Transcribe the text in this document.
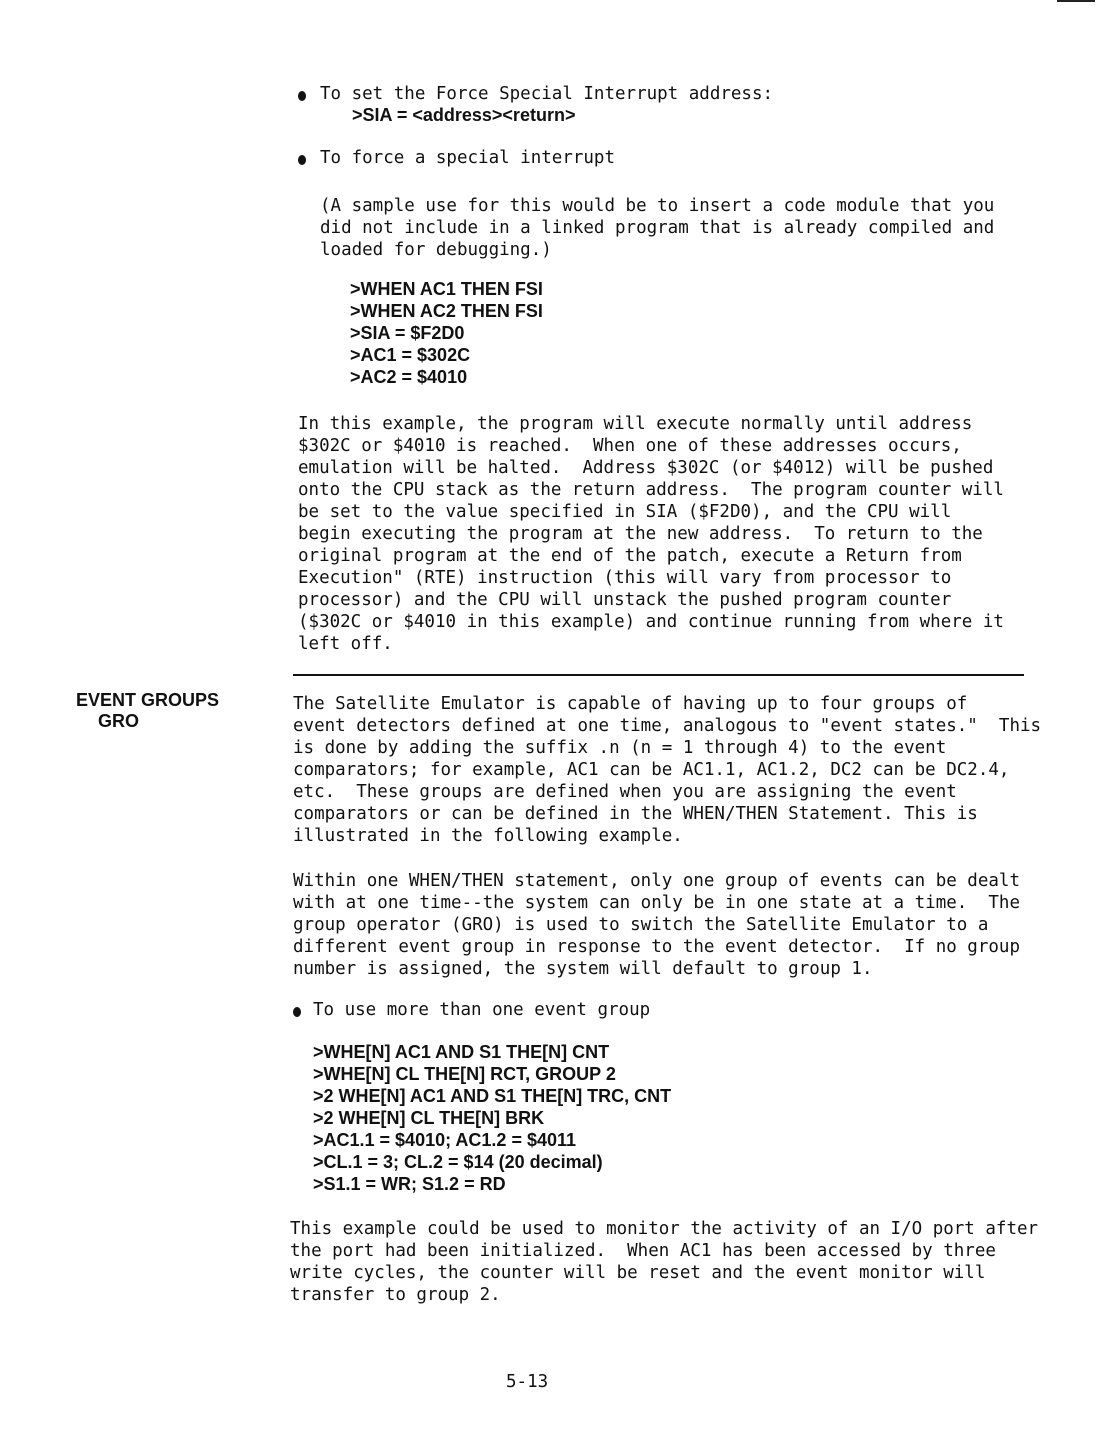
To set the Force Special Interrupt address:
>SIA = <address><return>
To force a special interrupt
(A sample use for this would be to insert a code module that you
did not include in a linked program that is already compiled and
loaded for debugging.)
>WHEN AC1 THEN FSI
>WHEN AC2 THEN FSI
>SIA = $F2D0
>AC1 = $302C
>AC2 = $4010
In this example, the program will execute normally until address
$302C or $4010 is reached.  When one of these addresses occurs,
emulation will be halted.  Address $302C (or $4012) will be pushed
onto the CPU stack as the return address.  The program counter will
be set to the value specified in SIA ($F2D0), and the CPU will
begin executing the program at the new address.  To return to the
original program at the end of the patch, execute a Return from
Execution" (RTE) instruction (this will vary from processor to
processor) and the CPU will unstack the pushed program counter
($302C or $4010 in this example) and continue running from where it
left off.
EVENT GROUPS
GRO
The Satellite Emulator is capable of having up to four groups of
event detectors defined at one time, analogous to "event states."  This
is done by adding the suffix .n (n = 1 through 4) to the event
comparators; for example, AC1 can be AC1.1, AC1.2, DC2 can be DC2.4,
etc.  These groups are defined when you are assigning the event
comparators or can be defined in the WHEN/THEN Statement. This is
illustrated in the following example.
Within one WHEN/THEN statement, only one group of events can be dealt
with at one time--the system can only be in one state at a time.  The
group operator (GRO) is used to switch the Satellite Emulator to a
different event group in response to the event detector.  If no group
number is assigned, the system will default to group 1.
To use more than one event group
>WHE[N] AC1 AND S1 THE[N] CNT
>WHE[N] CL THE[N] RCT, GROUP 2
>2 WHE[N] AC1 AND S1 THE[N] TRC, CNT
>2 WHE[N] CL THE[N] BRK
>AC1.1 = $4010; AC1.2 = $4011
>CL.1 = 3; CL.2 = $14 (20 decimal)
>S1.1 = WR; S1.2 = RD
This example could be used to monitor the activity of an I/O port after
the port had been initialized.  When AC1 has been accessed by three
write cycles, the counter will be reset and the event monitor will
transfer to group 2.
5-13
